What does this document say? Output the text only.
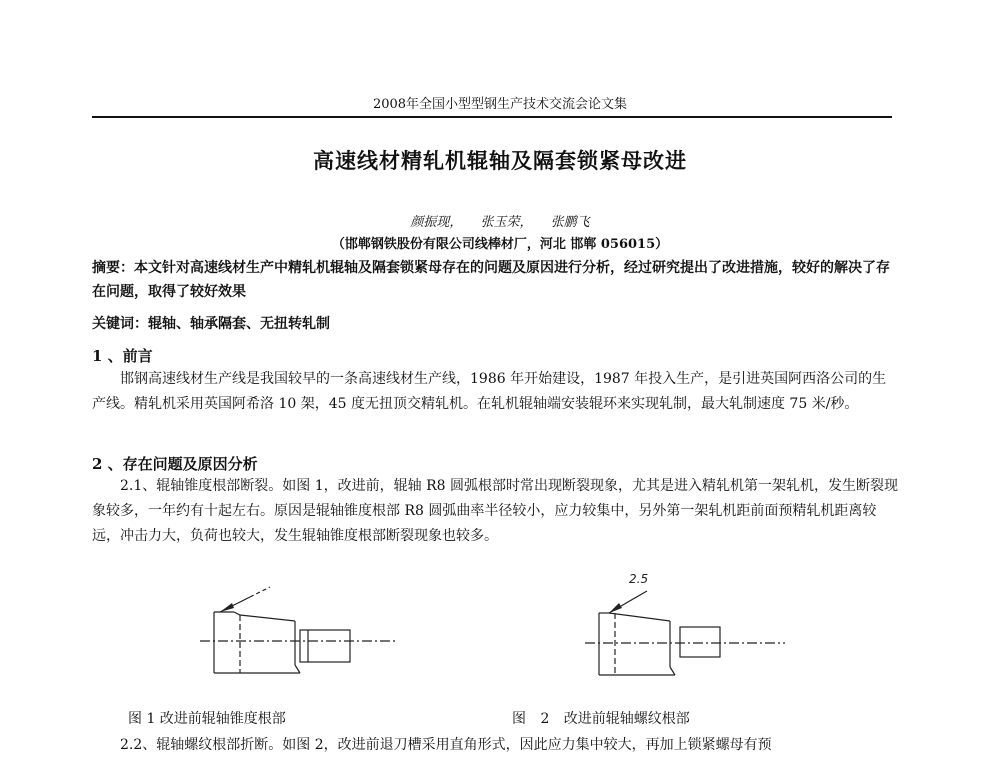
2008年全国小型型钢生产技术交流会论文集
高速线材精轧机辊轴及隔套锁紧母改进
颜振现， 张玉荣， 张鹏飞
（邯郸钢铁股份有限公司线棒材厂，河北 邯郸 056015）
摘要：本文针对高速线材生产中精轧机辊轴及隔套锁紧母存在的问题及原因进行分析，经过研究提出了改进措施，较好的解决了存在问题，取得了较好效果
关键词：辊轴、轴承隔套、无扭转轧制
1 、前言
邯钢高速线材生产线是我国较早的一条高速线材生产线，1986 年开始建设，1987 年投入生产，是引进英国阿西洛公司的生产线。精轧机采用英国阿希洛 10 架，45 度无扭顶交精轧机。在轧机辊轴端安装辊环来实现轧制，最大轧制速度 75 米/秒。
2 、存在问题及原因分析
2.1、辊轴锥度根部断裂。如图 1，改进前，辊轴 R8 圆弧根部时常出现断裂现象，尤其是进入精轧机第一架轧机，发生断裂现象较多，一年约有十起左右。原因是辊轴锥度根部 R8 圆弧曲率半径较小，应力较集中，另外第一架轧机距前面预精轧机距离较远，冲击力大，负荷也较大，发生辊轴锥度根部断裂现象也较多。
2.5
图 1 改进前辊轴锥度根部	图 2 改进前辊轴螺纹根部
2.2、辊轴螺纹根部折断。如图 2，改进前退刀槽采用直角形式，因此应力集中较大，再加上锁紧螺母有预
